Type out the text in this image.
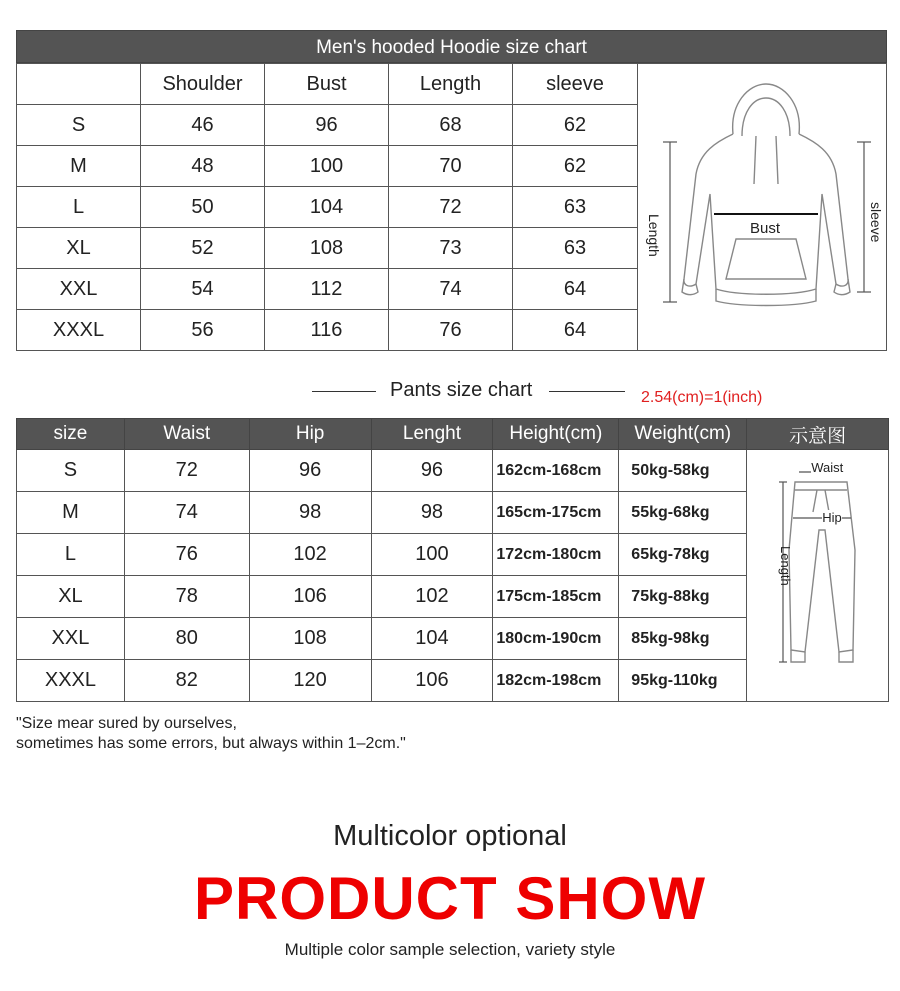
Men's hooded Hoodie size chart
	Shoulder	Bust	Length	sleeve
S	46	96	68	62
M	48	100	70	62
L	50	104	72	63
XL	52	108	73	63
XXL	54	112	74	64
XXXL	56	116	76	64
Length	Bust	sleeve
Pants size chart	2.54(cm)=1(inch)
size	Waist	Hip	Lenght	Height(cm)	Weight(cm)	示意图
S	72	96	96	162cm-168cm	50kg-58kg	Waist
Hip
Length

M	74	98	98	165cm-175cm	55kg-68kg	
L	76	102	100	172cm-180cm	65kg-78kg	
XL	78	106	102	175cm-185cm	75kg-88kg	
XXL	80	108	104	180cm-190cm	85kg-98kg	
XXXL	82	120	106	182cm-198cm	95kg-110kg	
"Size mear sured by ourselves,
sometimes has some errors, but always within 1–2cm."
Multicolor optional
PRODUCT SHOW
Multiple color sample selection, variety style
